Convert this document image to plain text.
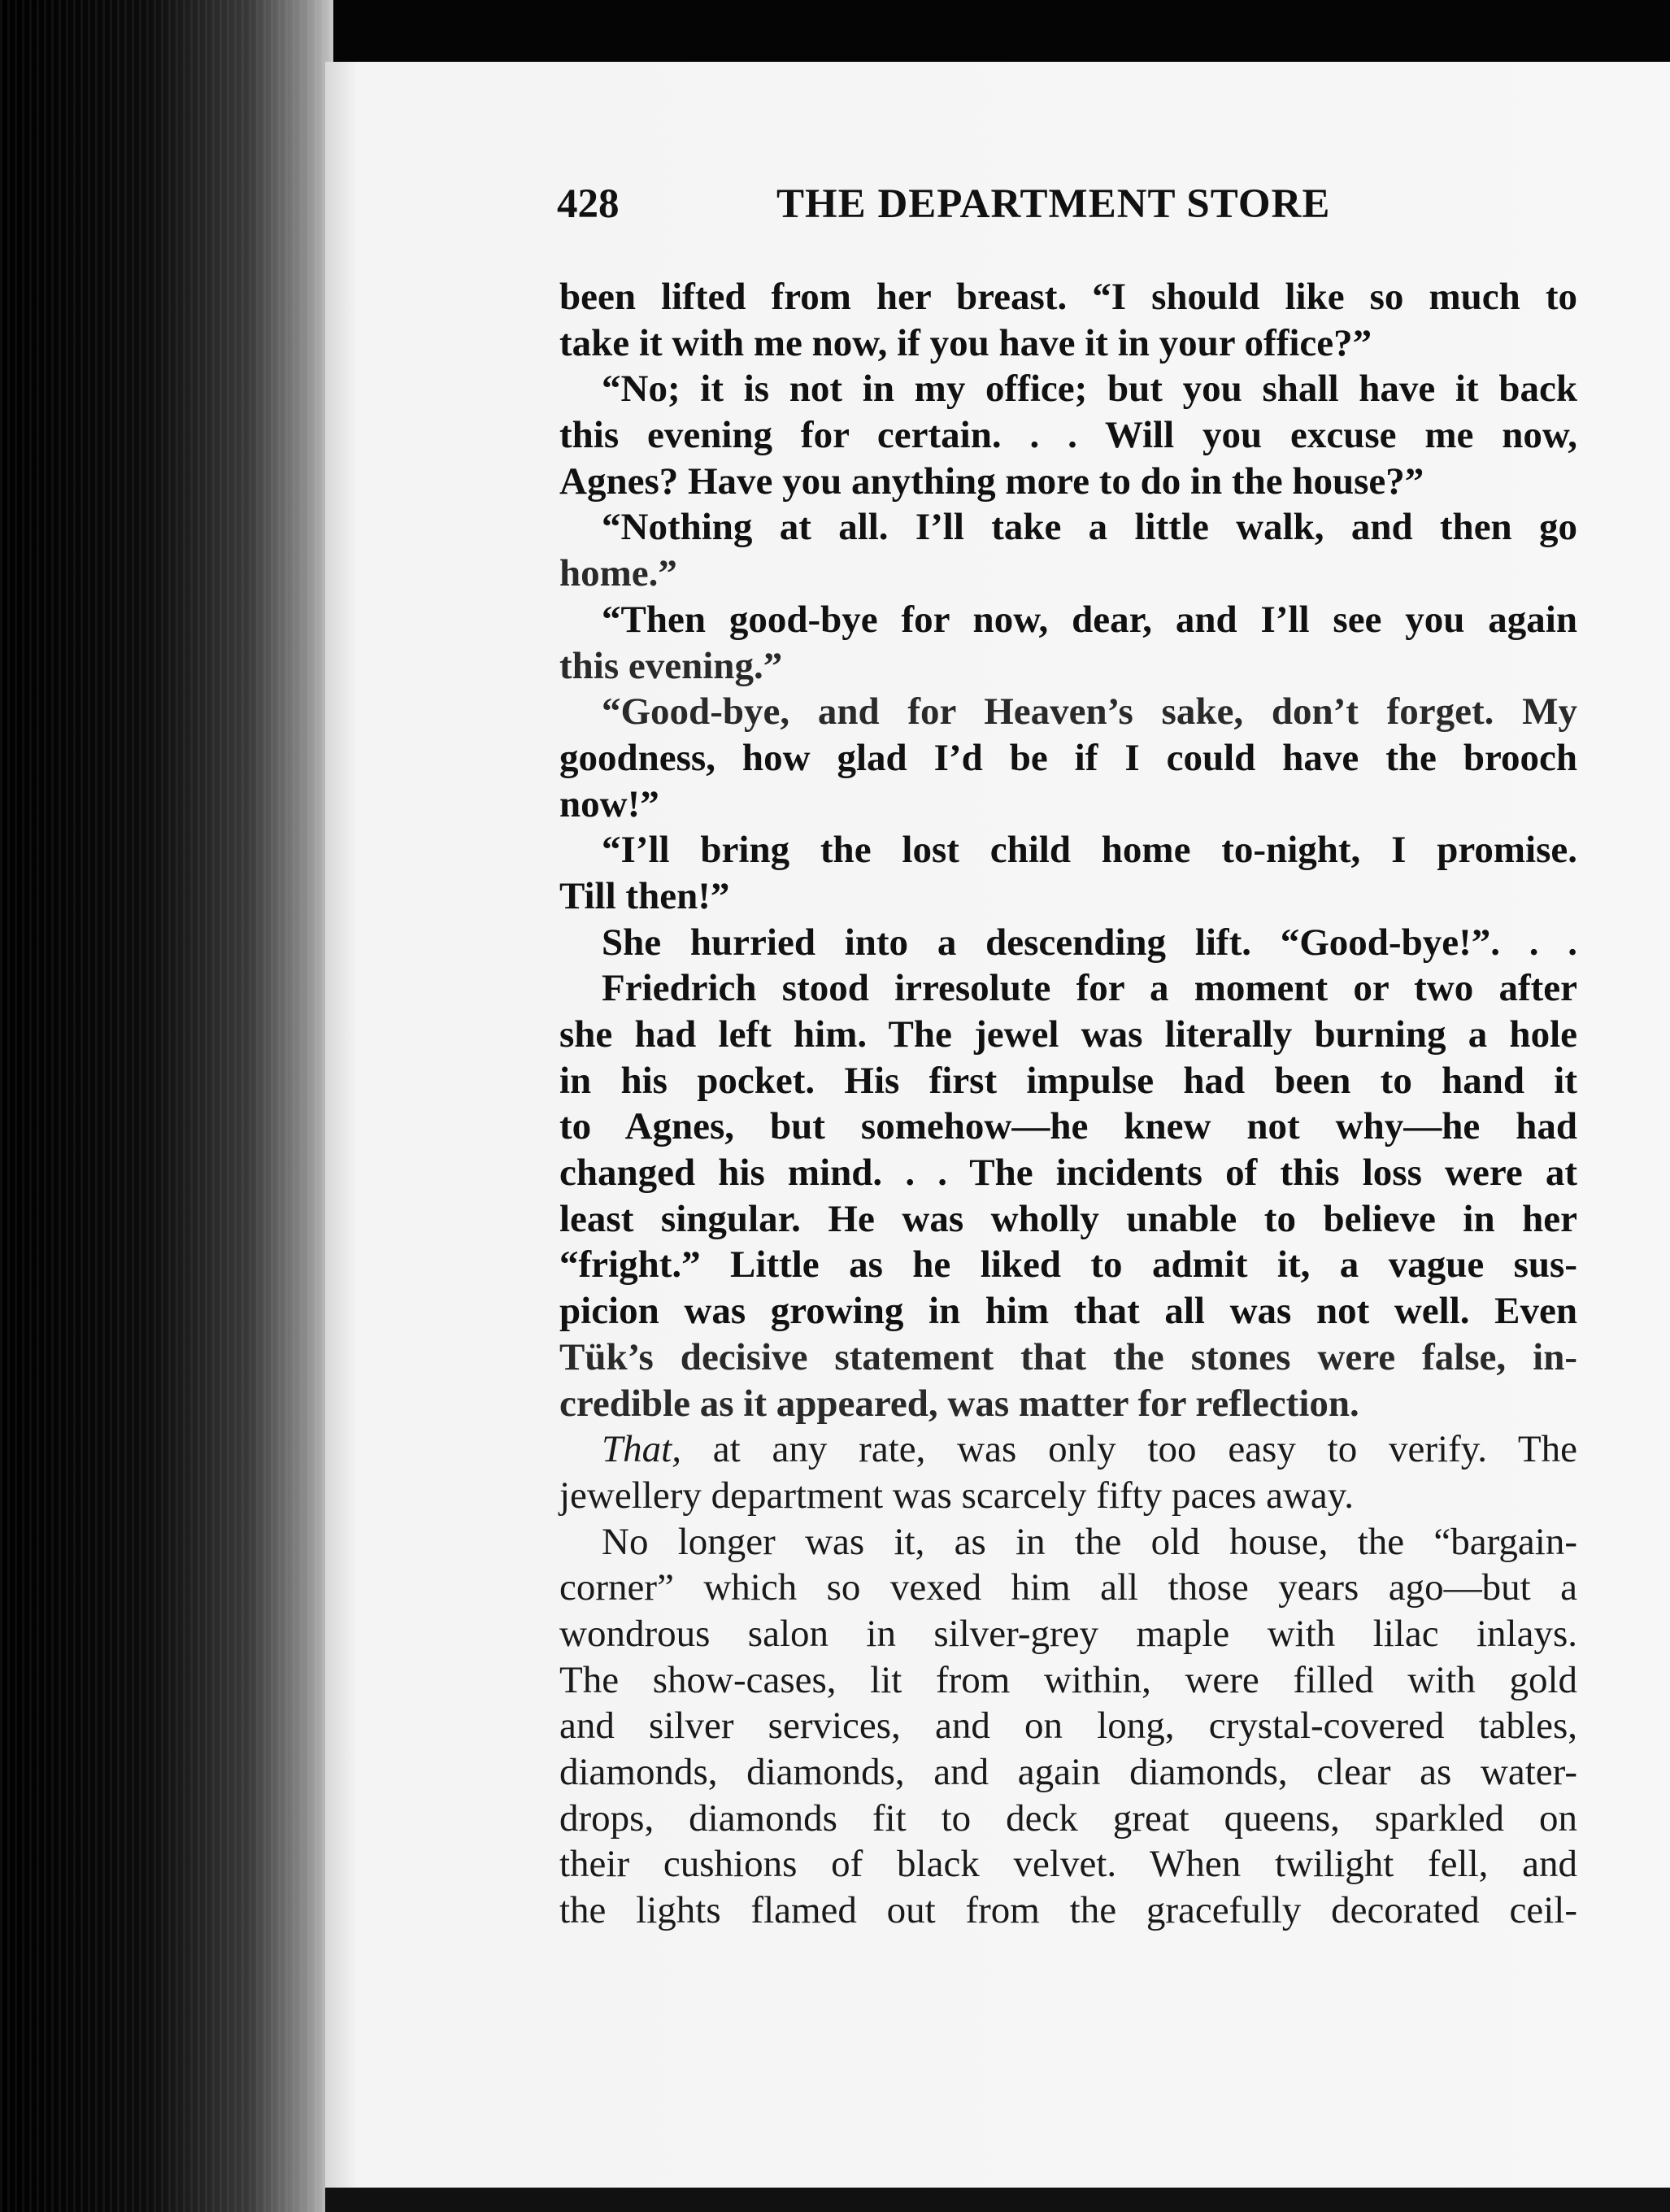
428	THE DEPARTMENT STORE
been lifted from her breast. “I should like so much to
take it with me now, if you have it in your office?”
“No; it is not in my office; but you shall have it back
this evening for certain. . . Will you excuse me now,
Agnes? Have you anything more to do in the house?”
“Nothing at all. I’ll take a little walk, and then go
home.”
“Then good-bye for now, dear, and I’ll see you again
this evening.”
“Good-bye, and for Heaven’s sake, don’t forget. My
goodness, how glad I’d be if I could have the brooch
now!”
“I’ll bring the lost child home to-night, I promise.
Till then!”
She hurried into a descending lift. “Good-bye!”. . .
Friedrich stood irresolute for a moment or two after
she had left him. The jewel was literally burning a hole
in his pocket. His first impulse had been to hand it
to Agnes, but somehow—he knew not why—he had
changed his mind. . . The incidents of this loss were at
least singular. He was wholly unable to believe in her
“fright.” Little as he liked to admit it, a vague sus-
picion was growing in him that all was not well. Even
Tük’s decisive statement that the stones were false, in-
credible as it appeared, was matter for reflection.
That, at any rate, was only too easy to verify. The
jewellery department was scarcely fifty paces away.
No longer was it, as in the old house, the “bargain-
corner” which so vexed him all those years ago—but a
wondrous salon in silver-grey maple with lilac inlays.
The show-cases, lit from within, were filled with gold
and silver services, and on long, crystal-covered tables,
diamonds, diamonds, and again diamonds, clear as water-
drops, diamonds fit to deck great queens, sparkled on
their cushions of black velvet. When twilight fell, and
the lights flamed out from the gracefully decorated ceil-
